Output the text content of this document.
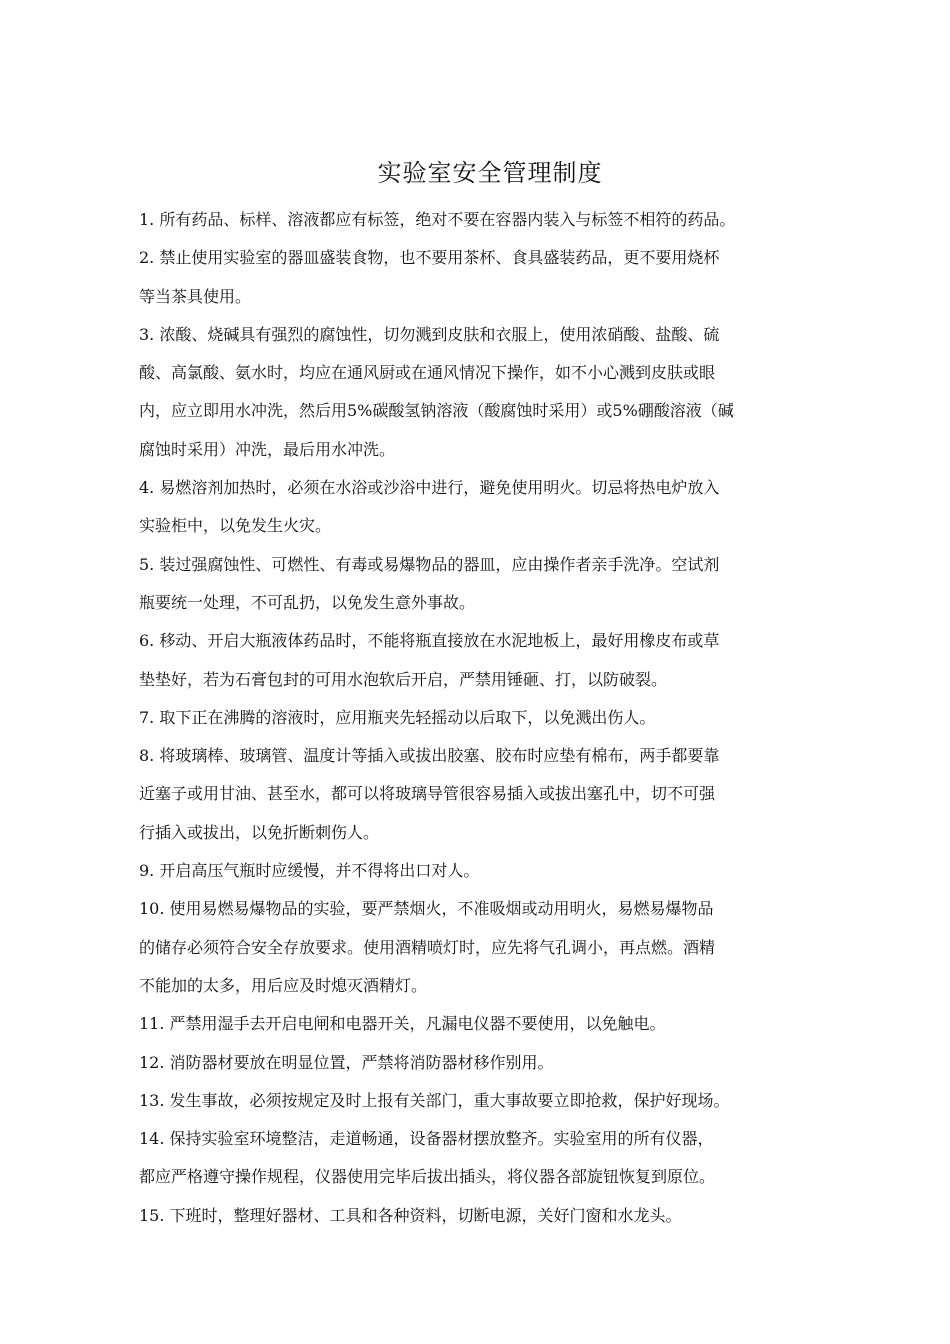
实验室安全管理制度
1. 所有药品、标样、溶液都应有标签，绝对不要在容器内装入与标签不相符的药品。
2. 禁止使用实验室的器皿盛装食物，也不要用茶杯、食具盛装药品，更不要用烧杯
等当茶具使用。
3. 浓酸、烧碱具有强烈的腐蚀性，切勿溅到皮肤和衣服上，使用浓硝酸、盐酸、硫
酸、高氯酸、氨水时，均应在通风厨或在通风情况下操作，如不小心溅到皮肤或眼
内，应立即用水冲洗，然后用5%碳酸氢钠溶液（酸腐蚀时采用）或5%硼酸溶液（碱
腐蚀时采用）冲洗，最后用水冲洗。
4. 易燃溶剂加热时，必须在水浴或沙浴中进行，避免使用明火。切忌将热电炉放入
实验柜中，以免发生火灾。
5. 装过强腐蚀性、可燃性、有毒或易爆物品的器皿，应由操作者亲手洗净。空试剂
瓶要统一处理，不可乱扔，以免发生意外事故。
6. 移动、开启大瓶液体药品时，不能将瓶直接放在水泥地板上，最好用橡皮布或草
垫垫好，若为石膏包封的可用水泡软后开启，严禁用锤砸、打，以防破裂。
7. 取下正在沸腾的溶液时，应用瓶夹先轻摇动以后取下，以免溅出伤人。
8. 将玻璃棒、玻璃管、温度计等插入或拔出胶塞、胶布时应垫有棉布，两手都要靠
近塞子或用甘油、甚至水，都可以将玻璃导管很容易插入或拔出塞孔中，切不可强
行插入或拔出，以免折断刺伤人。
9. 开启高压气瓶时应缓慢，并不得将出口对人。
10. 使用易燃易爆物品的实验，要严禁烟火，不准吸烟或动用明火，易燃易爆物品
的储存必须符合安全存放要求。使用酒精喷灯时，应先将气孔调小，再点燃。酒精
不能加的太多，用后应及时熄灭酒精灯。
11. 严禁用湿手去开启电闸和电器开关，凡漏电仪器不要使用，以免触电。
12. 消防器材要放在明显位置，严禁将消防器材移作别用。
13. 发生事故，必须按规定及时上报有关部门，重大事故要立即抢救，保护好现场。
14. 保持实验室环境整洁，走道畅通，设备器材摆放整齐。实验室用的所有仪器，
都应严格遵守操作规程，仪器使用完毕后拔出插头，将仪器各部旋钮恢复到原位。
15. 下班时，整理好器材、工具和各种资料，切断电源，关好门窗和水龙头。
